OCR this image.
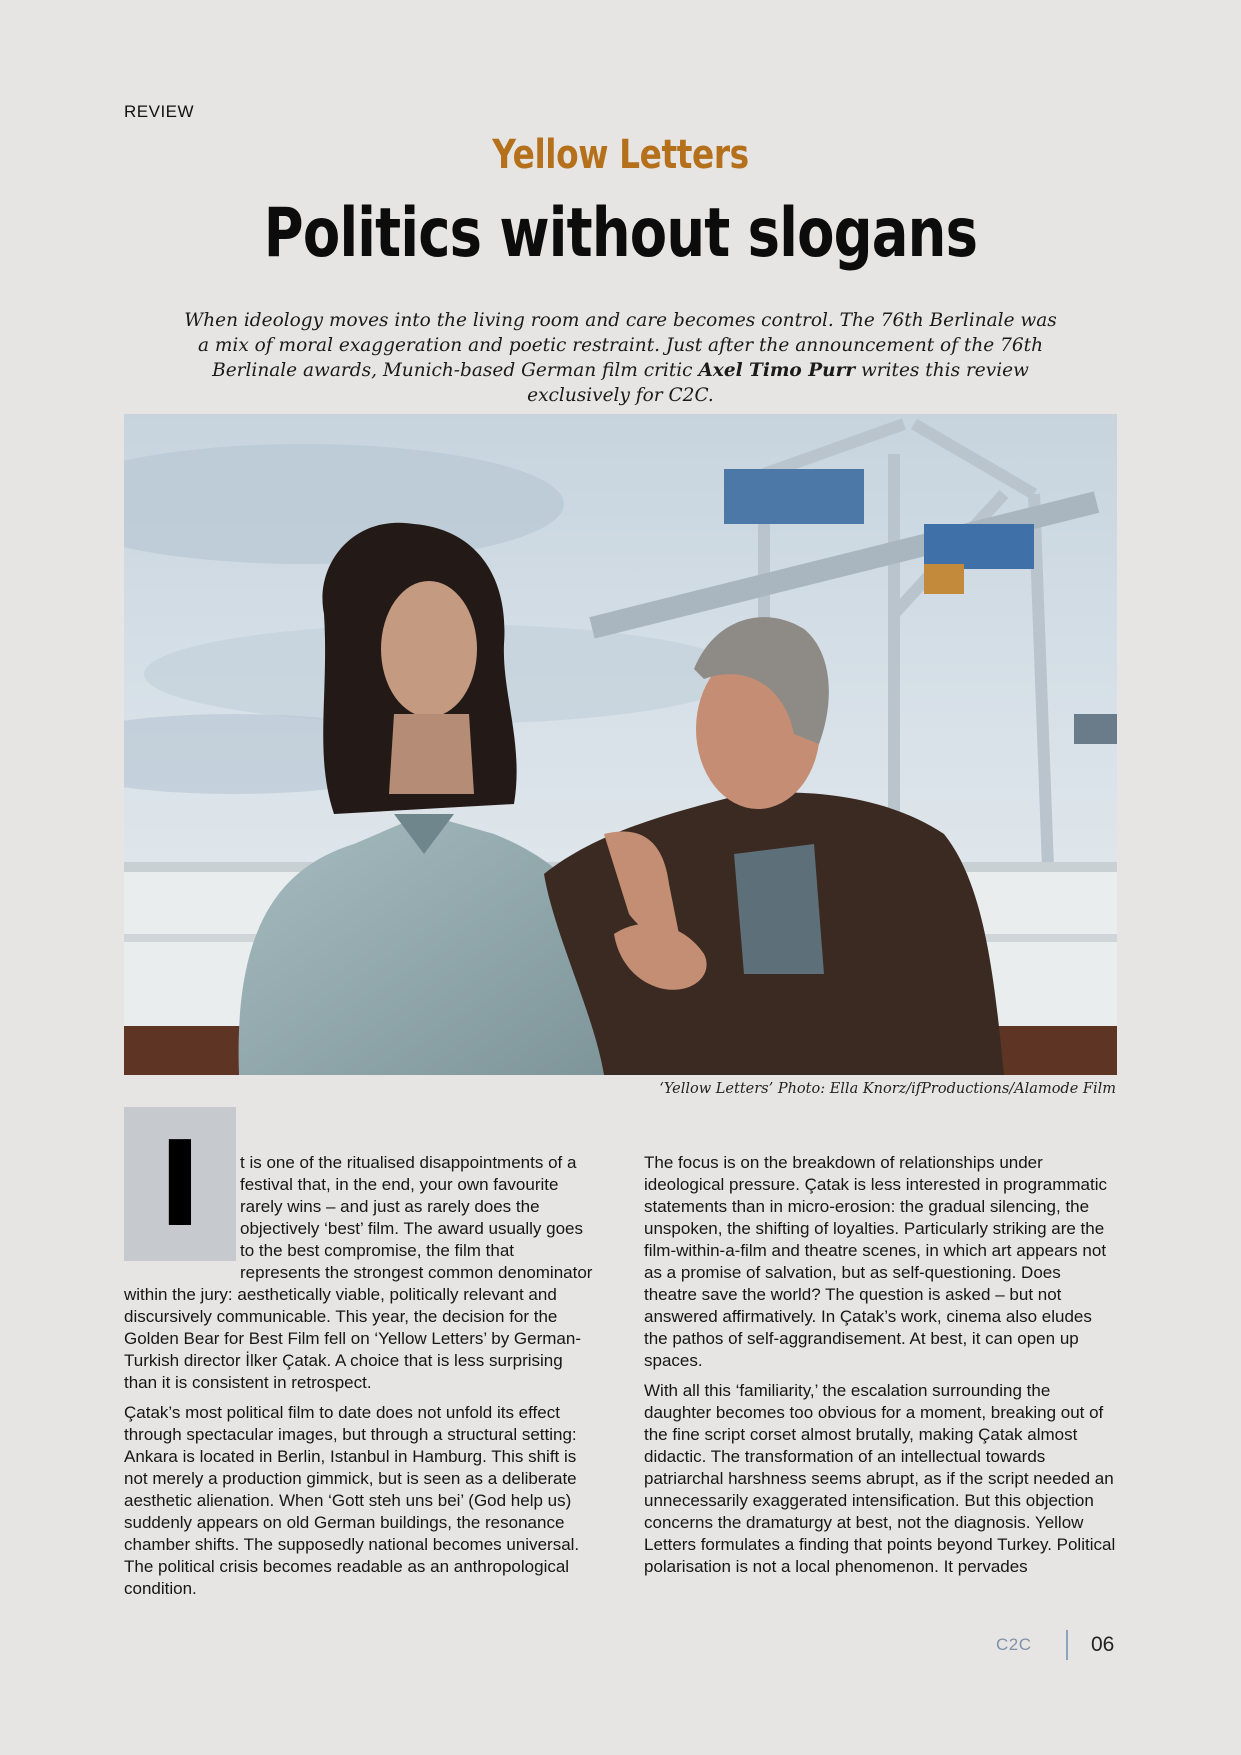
REVIEW
Yellow Letters
Politics without slogans
When ideology moves into the living room and care becomes control. The 76th Berlinale was a mix of moral exaggeration and poetic restraint. Just after the announcement of the 76th Berlinale awards, Munich-based German film critic Axel Timo Purr writes this review exclusively for C2C.
‘Yellow Letters’ Photo: Ella Knorz/ifProductions/Alamode Film
I	t is one of the ritualised disappointments of a festival that, in the end, your own favourite rarely wins – and just as rarely does the objectively ‘best’ film. The award usually goes to the best compromise, the film that represents the strongest common denominator within the jury: aesthetically viable, politically relevant and discursively communicable. This year, the decision for the Golden Bear for Best Film fell on ‘Yellow Letters’ by German-Turkish director İlker Çatak. A choice that is less surprising than it is consistent in retrospect.

Çatak’s most political film to date does not unfold its effect through spectacular images, but through a structural setting: Ankara is located in Berlin, Istanbul in Hamburg. This shift is not merely a production gimmick, but is seen as a deliberate aesthetic alienation. When ‘Gott steh uns bei’ (God help us) suddenly appears on old German buildings, the resonance chamber shifts. The supposedly national becomes universal. The political crisis becomes readable as an anthropological condition.

The focus is on the breakdown of relationships under ideological pressure. Çatak is less interested in programmatic statements than in micro-erosion: the gradual silencing, the unspoken, the shifting of loyalties. Particularly striking are the film-within-a-film and theatre scenes, in which art appears not as a promise of salvation, but as self-questioning. Does theatre save the world? The question is asked – but not answered affirmatively. In Çatak’s work, cinema also eludes the pathos of self-aggrandisement. At best, it can open up spaces.

With all this ‘familiarity,’ the escalation surrounding the daughter becomes too obvious for a moment, breaking out of the fine script corset almost brutally, making Çatak almost didactic. The transformation of an intellectual towards patriarchal harshness seems abrupt, as if the script needed an unnecessarily exaggerated intensification. But this objection concerns the dramaturgy at best, not the diagnosis. Yellow Letters formulates a finding that points beyond Turkey. Political polarisation is not a local phenomenon. It pervades

C2C	06
